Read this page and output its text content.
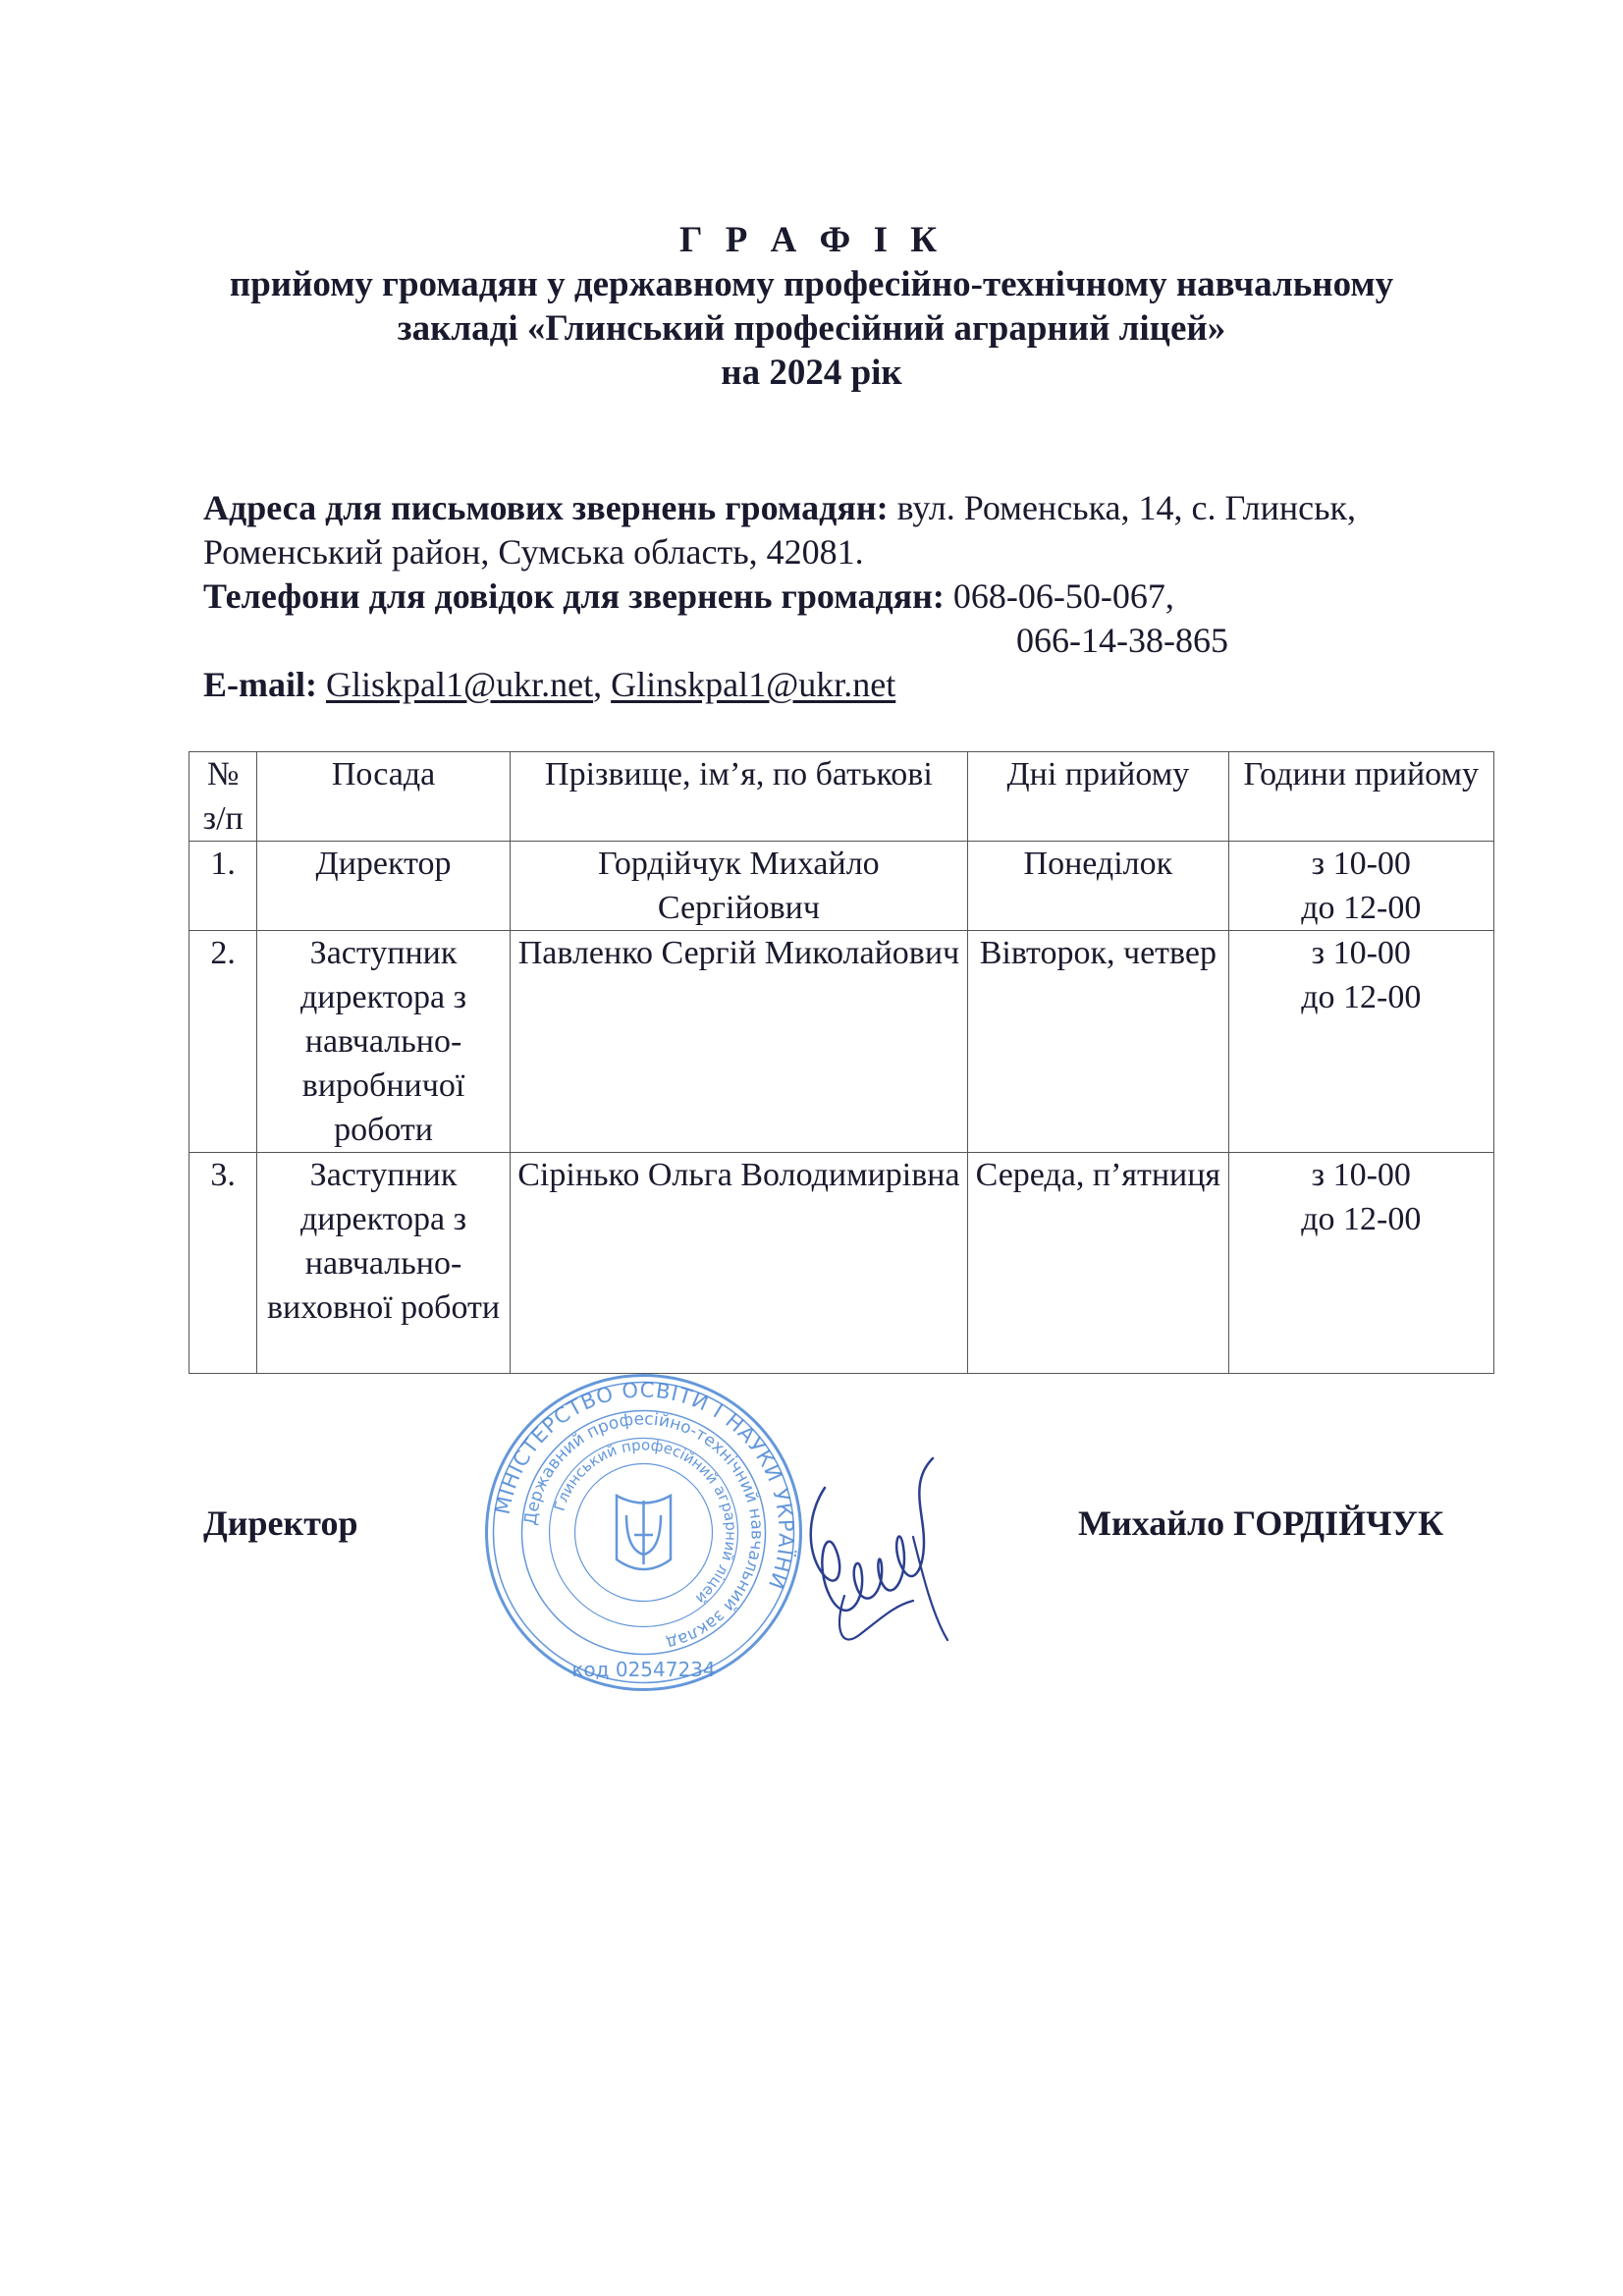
Г Р А Ф І К
прийому громадян у державному професійно-технічному навчальному
закладі «Глинський професійний аграрний ліцей»
на 2024 рік
Адреса для письмових звернень громадян: вул. Роменська, 14, с. Глинськ,
Роменський район, Сумська область, 42081.
Телефони для довідок для звернень громадян: 068-06-50-067,
066-14-38-865
E-mail: Gliskpal1@ukr.net, Glinskpal1@ukr.net
№ з/п	Посада	Прізвище, ім’я, по батькові	Дні прийому	Години прийому
1.	Директор	Гордійчук Михайло Сергійович	Понеділок	з 10-00
до 12-00

2.	Заступник директора з навчально-виробничої роботи	Павленко Сергій Миколайович	Вівторок, четвер	з 10-00
до 12-00

3.	Заступник директора з навчально-виховної роботи	Сірінько Ольга Володимирівна	Середа, п’ятниця	з 10-00
до 12-00
Директор	МІНІСТЕРСТВО ОСВІТИ І НАУКИ УКРАЇНИ
Державний професійно-технічний навчальний заклад
Глинський професійний аграрний ліцей
код 02547234
Михайло ГОРДІЙЧУК
